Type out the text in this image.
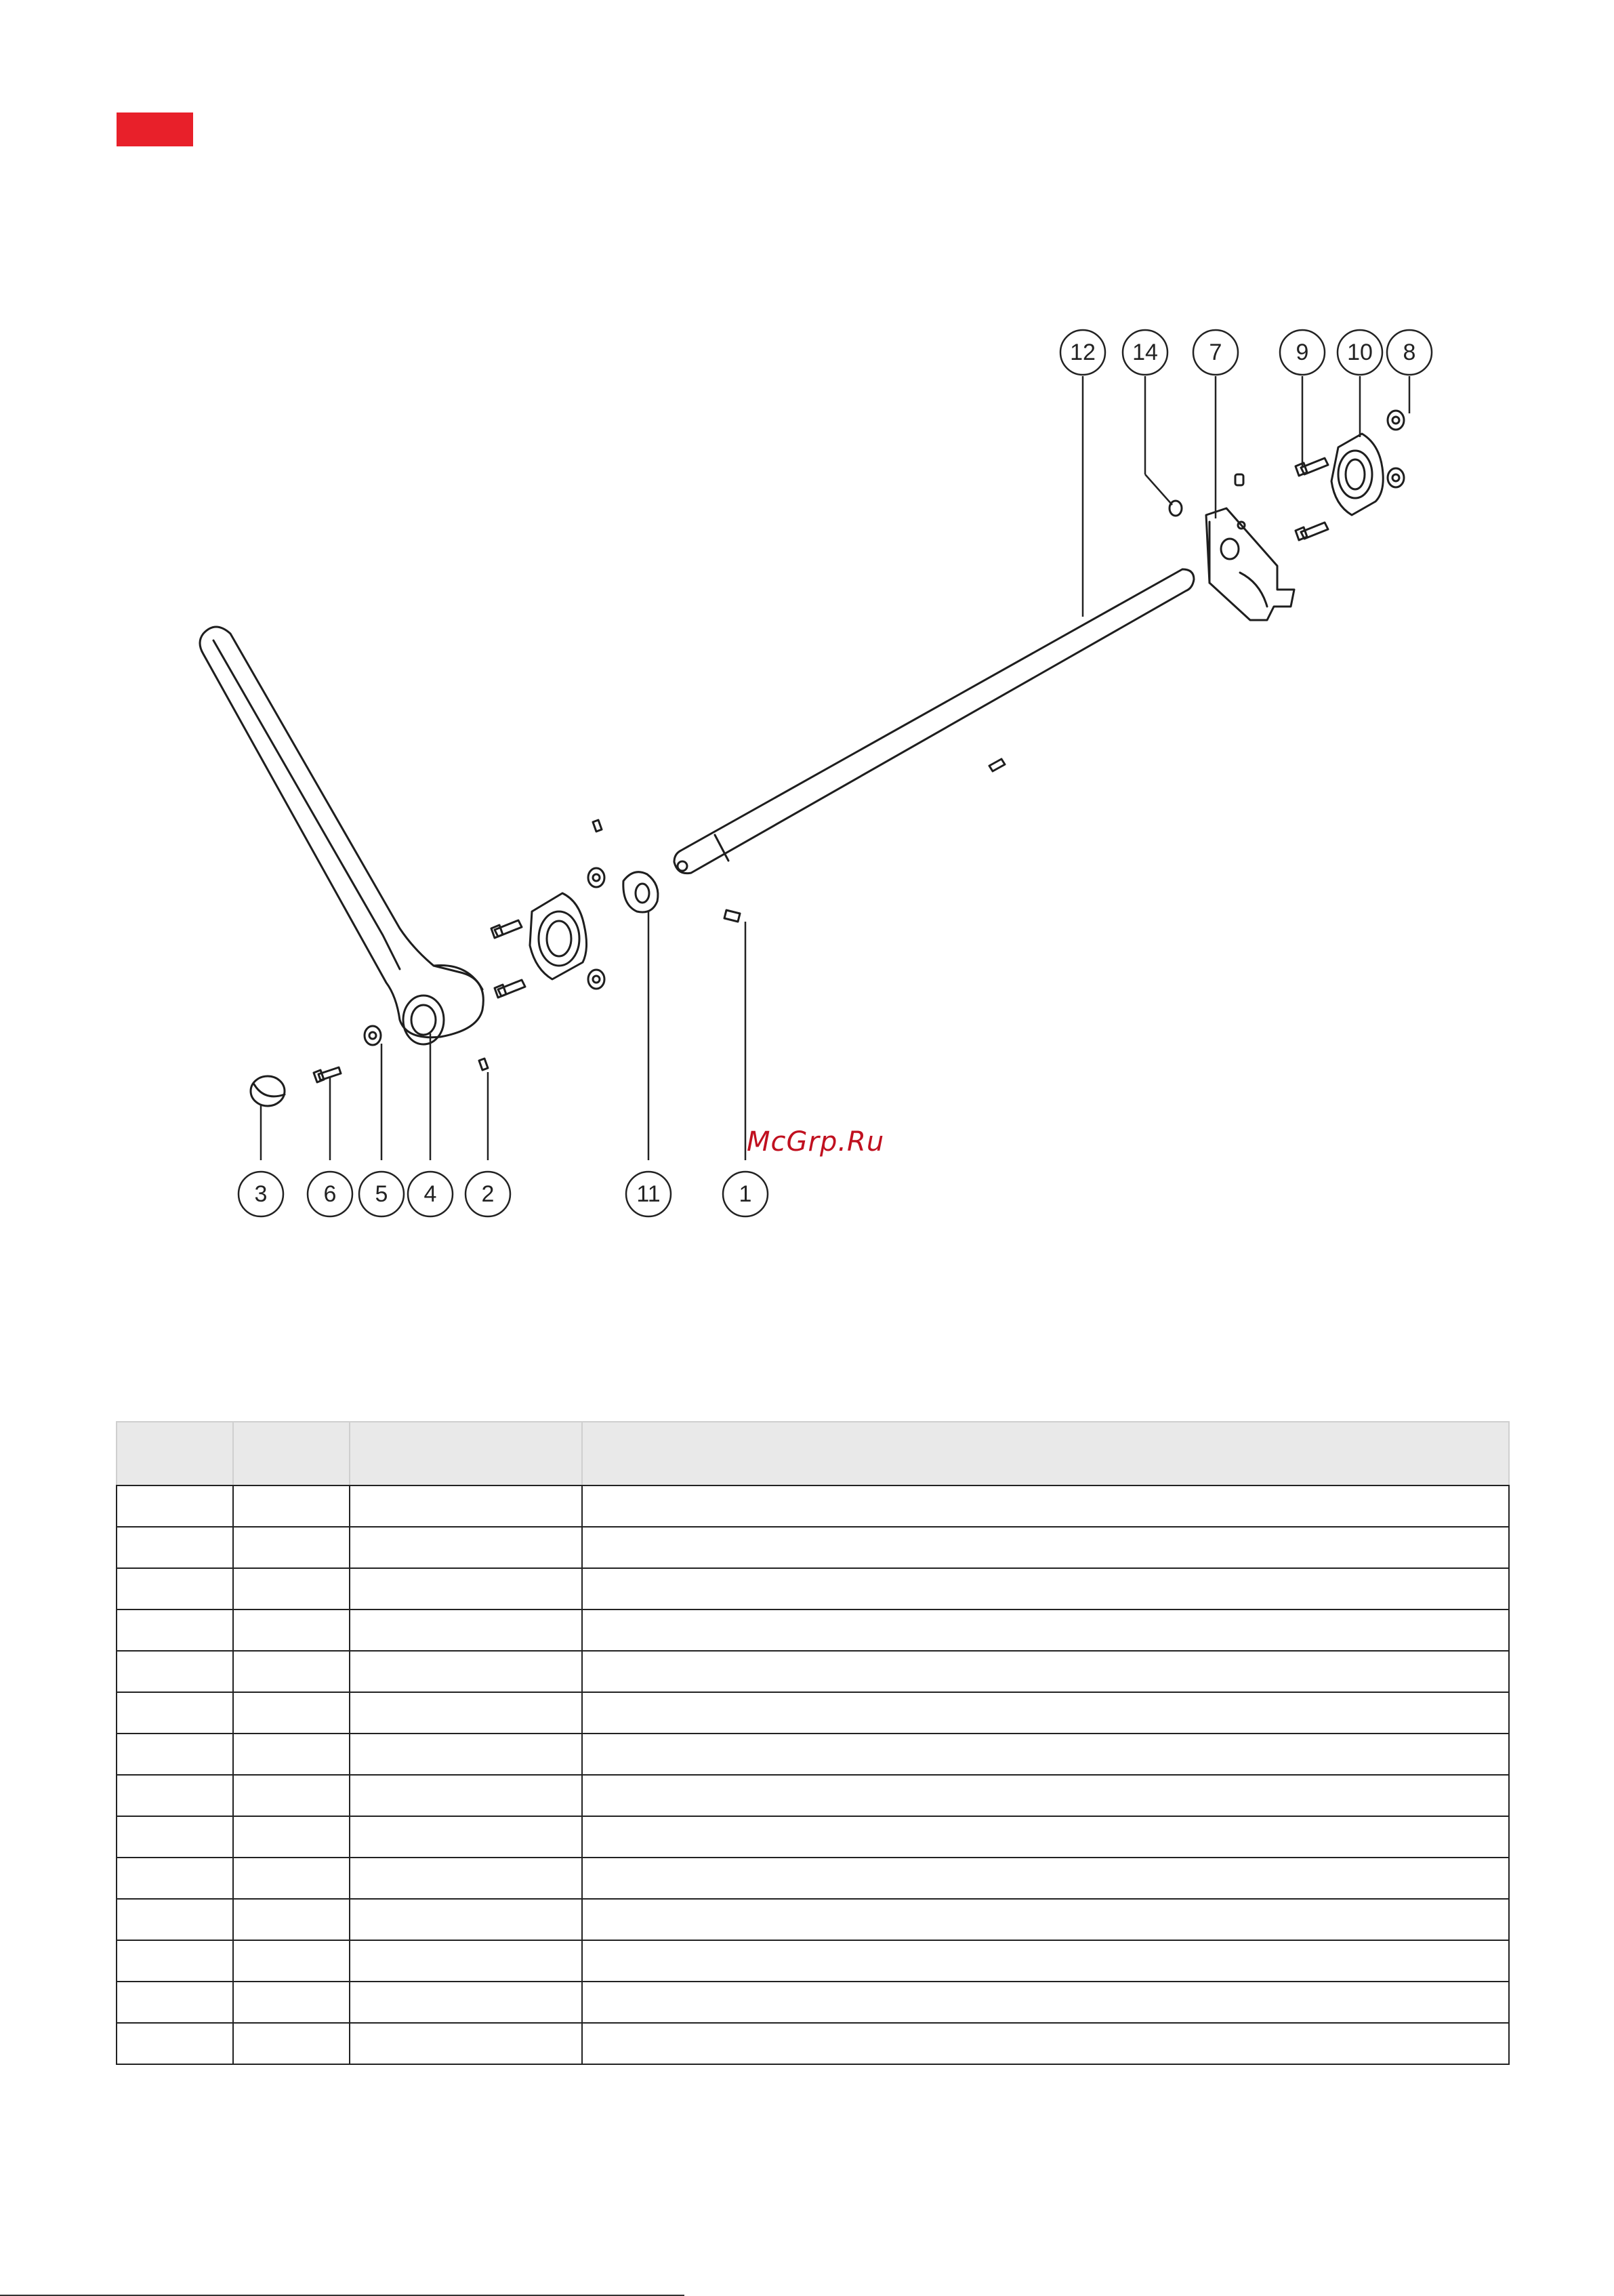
3 6 5 4 2	11	1
12 14 7	9 10 8
McGrp.Ru
